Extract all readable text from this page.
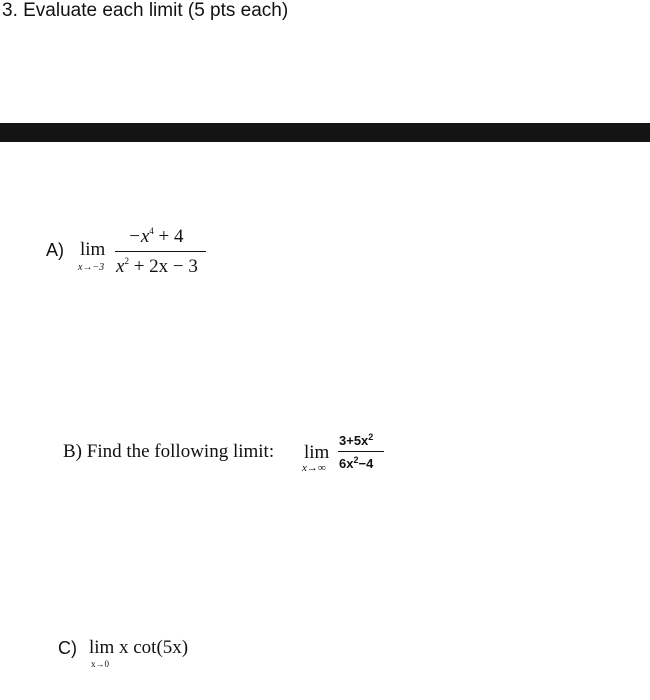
3. Evaluate each limit (5 pts each)
A) lim
x→−3
$-x^4 + 4$
$x^2 + 2x - 3$
B) Find the following limit: lim
x→∞
$3+5x^2$
$6x^2-4$
C) lim
x→0
x cot(5x)
